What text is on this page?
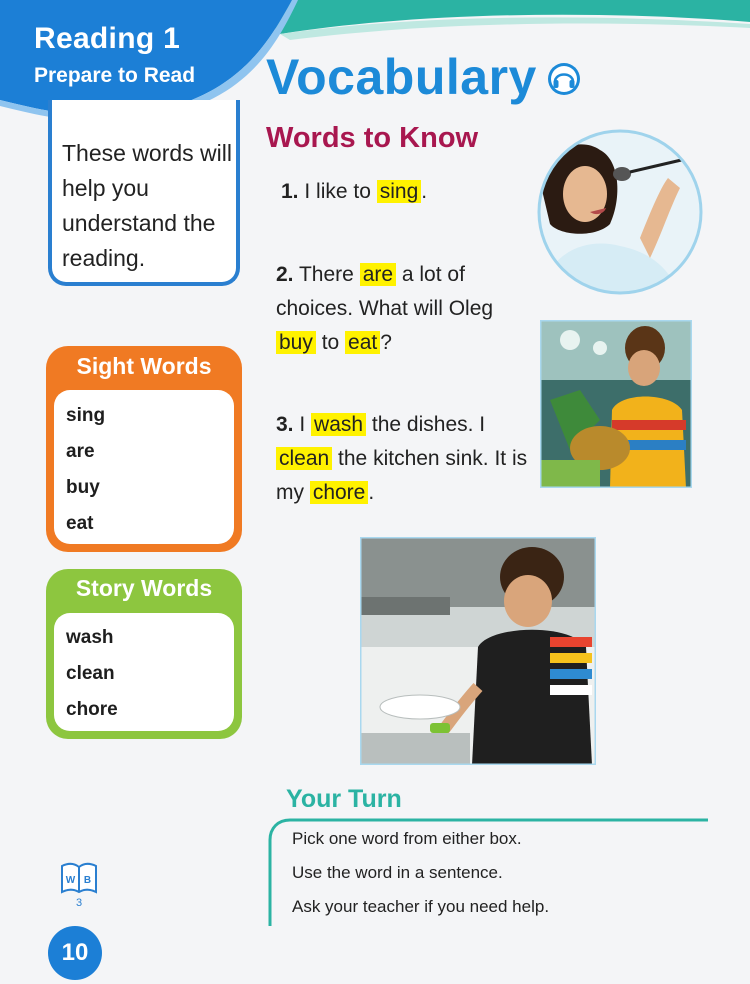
Reading 1
Prepare to Read
These words will help you understand the reading.
Sight Words
sing
are
buy
eat
Story Words
wash
clean
chore
Vocabulary
Words to Know
1. I like to sing .
2. There are a lot of choices. What will Oleg buy to eat ?
3. I wash the dishes. I clean the kitchen sink. It is my chore .
Your Turn
Pick one word from either box.
Use the word in a sentence.
Ask your teacher if you need help.
W B
3
10
